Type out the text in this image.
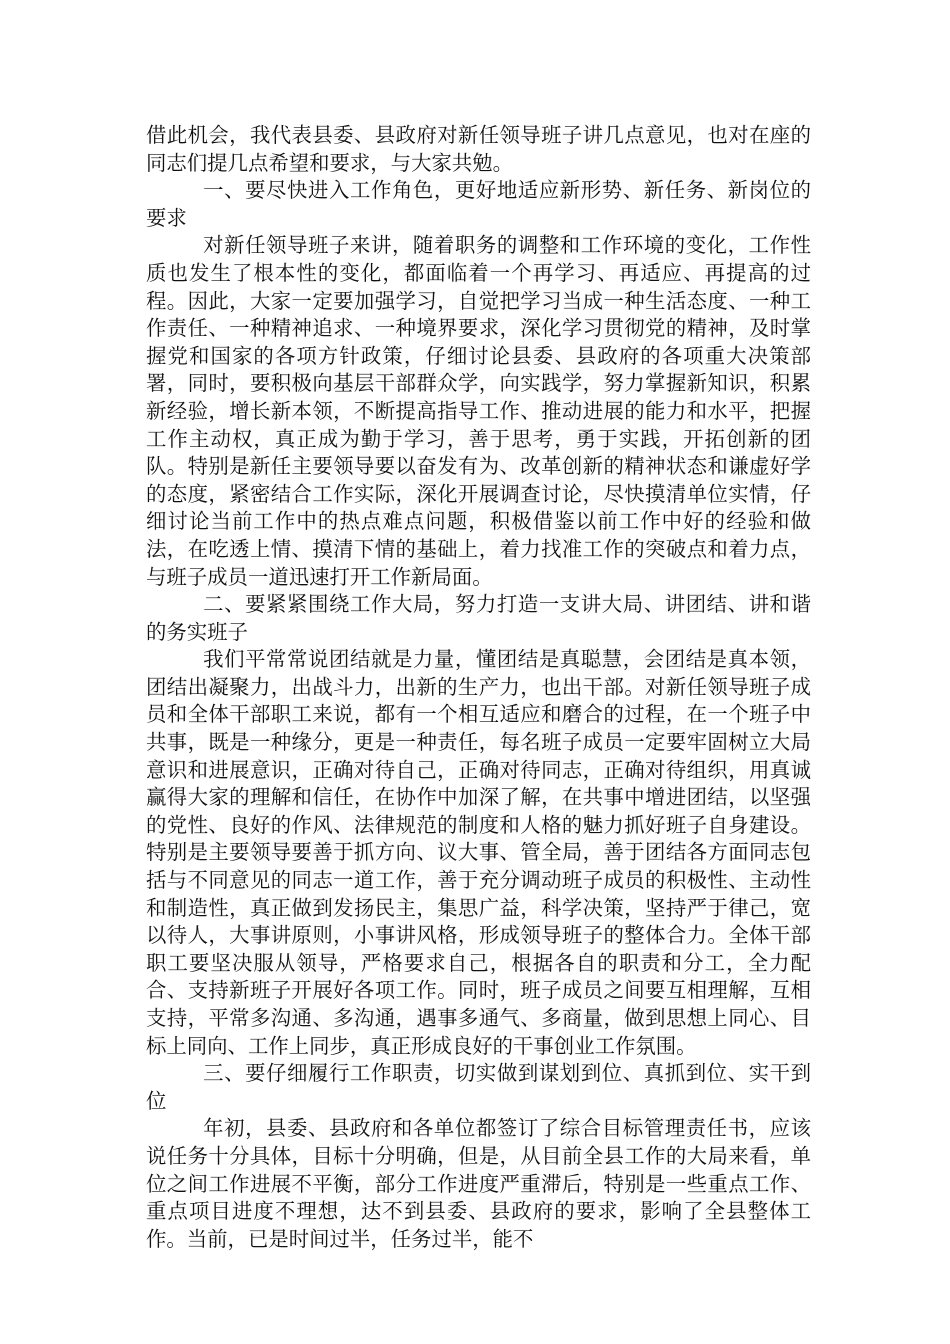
借此机会，我代表县委、县政府对新任领导班子讲几点意见，也对在座的同志们提几点希望和要求，与大家共勉。

一、要尽快进入工作角色，更好地适应新形势、新任务、新岗位的要求

对新任领导班子来讲，随着职务的调整和工作环境的变化，工作性质也发生了根本性的变化，都面临着一个再学习、再适应、再提高的过程。因此，大家一定要加强学习，自觉把学习当成一种生活态度、一种工作责任、一种精神追求、一种境界要求，深化学习贯彻党的精神，及时掌握党和国家的各项方针政策，仔细讨论县委、县政府的各项重大决策部署，同时，要积极向基层干部群众学，向实践学，努力掌握新知识，积累新经验，增长新本领，不断提高指导工作、推动进展的能力和水平，把握工作主动权，真正成为勤于学习，善于思考，勇于实践，开拓创新的团队。特别是新任主要领导要以奋发有为、改革创新的精神状态和谦虚好学的态度，紧密结合工作实际，深化开展调查讨论，尽快摸清单位实情，仔细讨论当前工作中的热点难点问题，积极借鉴以前工作中好的经验和做法，在吃透上情、摸清下情的基础上，着力找准工作的突破点和着力点，与班子成员一道迅速打开工作新局面。

二、要紧紧围绕工作大局，努力打造一支讲大局、讲团结、讲和谐的务实班子

我们平常常说团结就是力量，懂团结是真聪慧，会团结是真本领，团结出凝聚力，出战斗力，出新的生产力，也出干部。对新任领导班子成员和全体干部职工来说，都有一个相互适应和磨合的过程，在一个班子中共事，既是一种缘分，更是一种责任，每名班子成员一定要牢固树立大局意识和进展意识，正确对待自己，正确对待同志，正确对待组织，用真诚赢得大家的理解和信任，在协作中加深了解，在共事中增进团结，以坚强的党性、良好的作风、法律规范的制度和人格的魅力抓好班子自身建设。特别是主要领导要善于抓方向、议大事、管全局，善于团结各方面同志包括与不同意见的同志一道工作，善于充分调动班子成员的积极性、主动性和制造性，真正做到发扬民主，集思广益，科学决策，坚持严于律己，宽以待人，大事讲原则，小事讲风格，形成领导班子的整体合力。全体干部职工要坚决服从领导，严格要求自己，根据各自的职责和分工，全力配合、支持新班子开展好各项工作。同时，班子成员之间要互相理解，互相支持，平常多沟通、多沟通，遇事多通气、多商量，做到思想上同心、目标上同向、工作上同步，真正形成良好的干事创业工作氛围。

三、要仔细履行工作职责，切实做到谋划到位、真抓到位、实干到位

年初，县委、县政府和各单位都签订了综合目标管理责任书，应该说任务十分具体，目标十分明确，但是，从目前全县工作的大局来看，单位之间工作进展不平衡，部分工作进度严重滞后，特别是一些重点工作、重点项目进度不理想，达不到县委、县政府的要求，影响了全县整体工作。当前，已是时间过半，任务过半，能不
